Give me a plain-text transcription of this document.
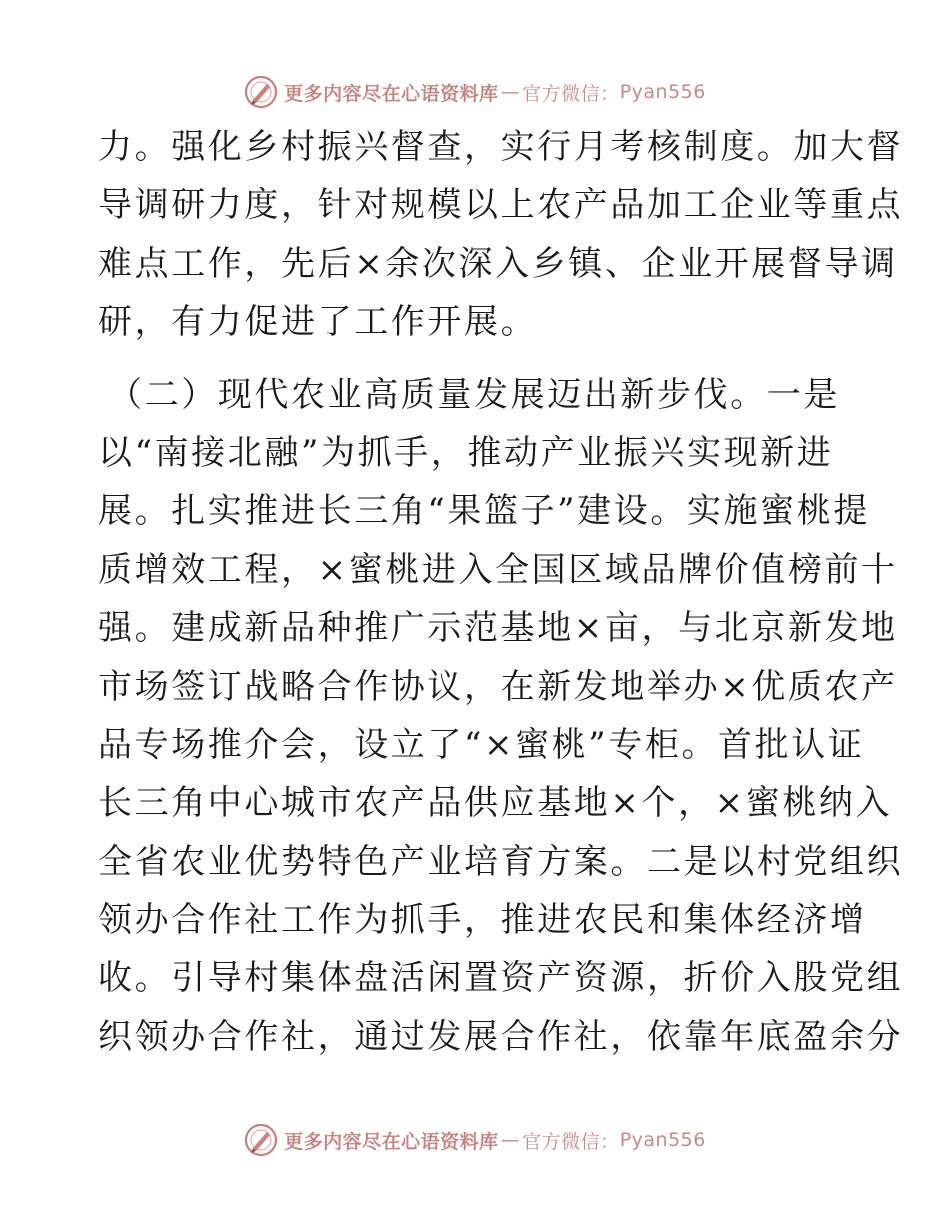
更多内容尽在心语资料库 — 官方微信： Pyan556

力。强化乡村振兴督查，实行月考核制度。加大督
导调研力度，针对规模以上农产品加工企业等重点
难点工作，先后×余次深入乡镇、企业开展督导调
研，有力促进了工作开展。

（二）现代农业高质量发展迈出新步伐。一是
以“南接北融”为抓手，推动产业振兴实现新进
展。扎实推进长三角“果篮子”建设。实施蜜桃提
质增效工程，×蜜桃进入全国区域品牌价值榜前十
强。建成新品种推广示范基地×亩，与北京新发地
市场签订战略合作协议，在新发地举办×优质农产
品专场推介会，设立了“×蜜桃”专柜。首批认证
长三角中心城市农产品供应基地×个，×蜜桃纳入
全省农业优势特色产业培育方案。二是以村党组织
领办合作社工作为抓手，推进农民和集体经济增
收。引导村集体盘活闲置资产资源，折价入股党组
织领办合作社，通过发展合作社，依靠年底盈余分

更多内容尽在心语资料库 — 官方微信： Pyan556
